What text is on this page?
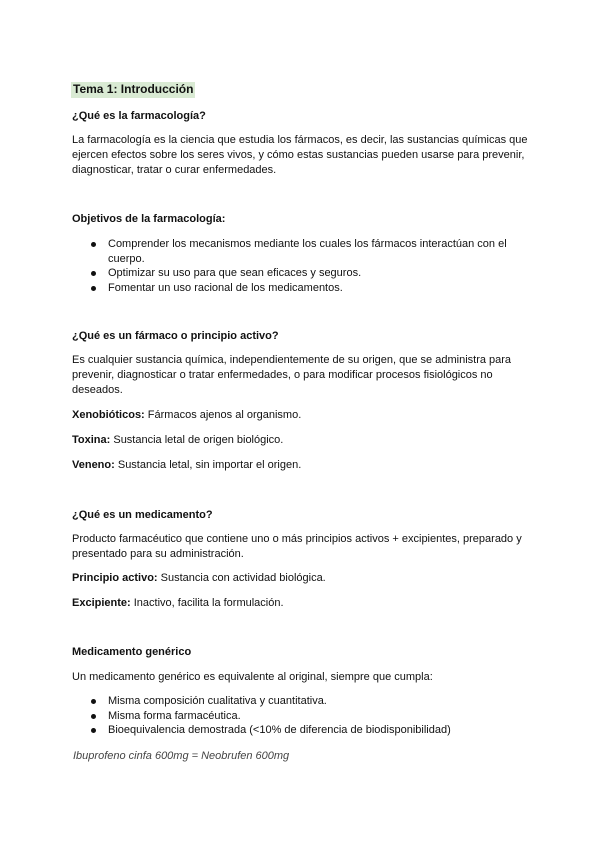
Tema 1: Introducción
¿Qué es la farmacología?
La farmacología es la ciencia que estudia los fármacos, es decir, las sustancias químicas que ejercen efectos sobre los seres vivos, y cómo estas sustancias pueden usarse para prevenir, diagnosticar, tratar o curar enfermedades.
Objetivos de la farmacología:
Comprender los mecanismos mediante los cuales los fármacos interactúan con el cuerpo.
Optimizar su uso para que sean eficaces y seguros.
Fomentar un uso racional de los medicamentos.
¿Qué es un fármaco o principio activo?
Es cualquier sustancia química, independientemente de su origen, que se administra para prevenir, diagnosticar o tratar enfermedades, o para modificar procesos fisiológicos no deseados.
Xenobióticos: Fármacos ajenos al organismo.
Toxina: Sustancia letal de origen biológico.
Veneno: Sustancia letal, sin importar el origen.
¿Qué es un medicamento?
Producto farmacéutico que contiene uno o más principios activos + excipientes, preparado y presentado para su administración.
Principio activo: Sustancia con actividad biológica.
Excipiente: Inactivo, facilita la formulación.
Medicamento genérico
Un medicamento genérico es equivalente al original, siempre que cumpla:
Misma composición cualitativa y cuantitativa.
Misma forma farmacéutica.
Bioequivalencia demostrada (<10% de diferencia de biodisponibilidad)
Ibuprofeno cinfa 600mg = Neobrufen 600mg
